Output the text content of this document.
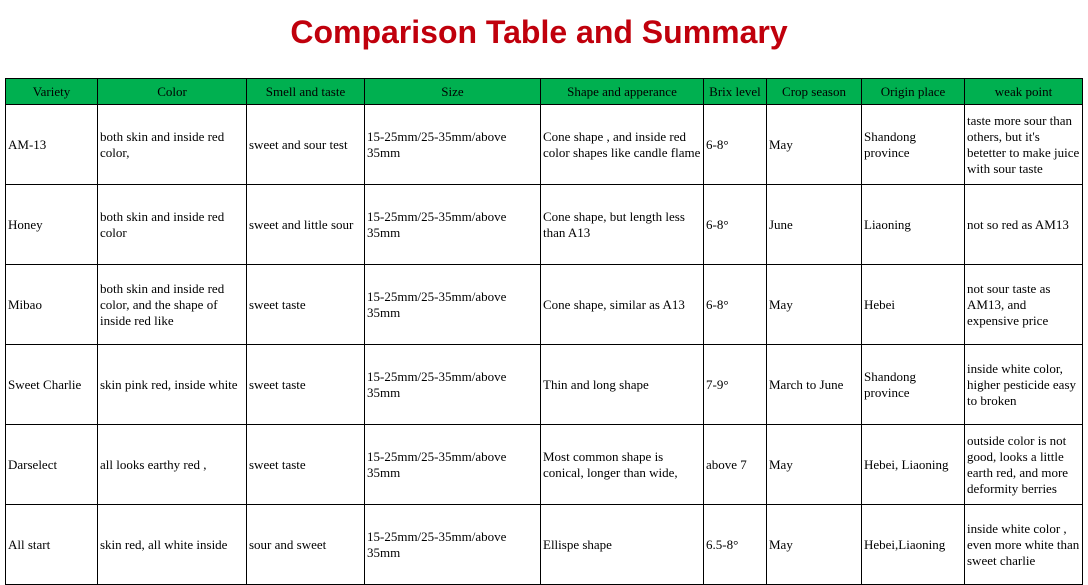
Comparison Table and Summary
Variety	Color	Smell and taste	Size	Shape and apperance	Brix level	Crop season	Origin place	weak point
AM-13	both skin and inside red color,	sweet and sour test	15-25mm/25-35mm/above 35mm	Cone shape , and inside red color shapes like candle flame	6-8°	May	Shandong province	taste more sour than others, but it's betetter to make juice with sour taste
Honey	both skin and inside red color	sweet and little sour	15-25mm/25-35mm/above 35mm	Cone shape, but length less than A13	6-8°	June	Liaoning	not so red as AM13
Mibao	both skin and inside red color, and the shape of inside red like	sweet taste	15-25mm/25-35mm/above 35mm	Cone shape, similar as A13	6-8°	May	Hebei	not sour taste as AM13, and expensive price
Sweet Charlie	skin pink red, inside white	sweet taste	15-25mm/25-35mm/above 35mm	Thin and long shape	7-9°	March to June	Shandong province	inside white color, higher pesticide easy to broken
Darselect	all looks earthy red ,	sweet taste	15-25mm/25-35mm/above 35mm	Most common shape is conical, longer than wide,	above 7	May	Hebei, Liaoning	outside color is not good, looks a little earth red, and more deformity berries
All start	skin red, all white inside	sour and sweet	15-25mm/25-35mm/above 35mm	Ellispe shape	6.5-8°	May	Hebei,Liaoning	inside white color , even more white than sweet charlie
